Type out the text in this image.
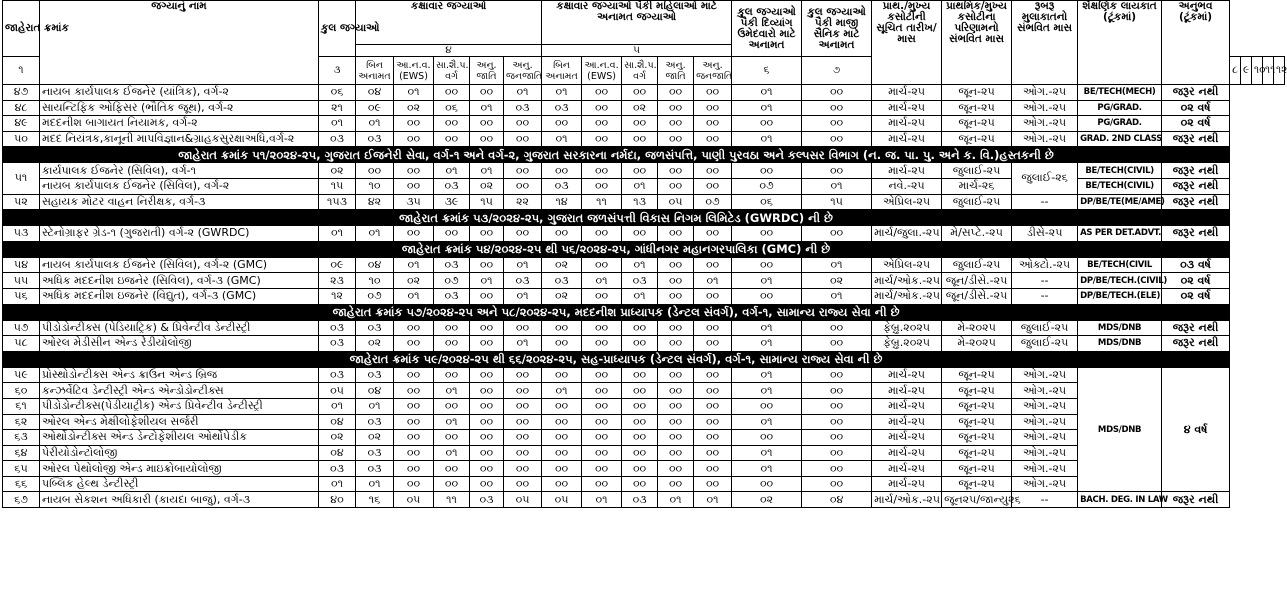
જાહેરાત ક્રમાંક	જગ્યાનું નામ	કુલ જગ્યાઓ	કક્ષાવાર જગ્યાઓ					કક્ષાવાર જગ્યાઓ પૈકી મહિલાઓ માટે અનામત જગ્યાઓ					કુલ જગ્યાઓ પૈકી દિવ્યાંગ ઉમેદવારો માટે અનામત	કુલ જગ્યાઓ પૈકી માજી સૈનિક માટે અનામત	પ્રાથ./મુખ્ય કસોટીની સૂચિત તારીખ/માસ	પ્રાથમિક/મુખ્ય કસોટીના પરિણામનો સંભવિત માસ	રૂબરૂ મુલાકાતનો સંભવિત માસ	શૈક્ષણિક લાયકાત (ટૂંકમાં)	અનુભવ (ટૂંકમાં)					
			૪					૫																
૧		૩	બિન અનામત	આ.ન.વ. (EWS)	સા.શૈ.પ. વર્ગ	અનુ. જાતિ	અનુ. જનજાતિ	બિન અનામત	આ.ન.વ. (EWS)	સા.શૈ.પ. વર્ગ	અનુ. જાતિ	અનુ. જનજાતિ	૬	૭						૮	૯	૧૦	૧૧	૧૨
૪૭	નાયબ કાર્યપાલક ઈજનેર (યાંત્રિક), વર્ગ-૨	૦૬	૦૪	૦૧	૦૦	૦૦	૦૧	૦૧	૦૦	૦૦	૦૦	૦૦	૦૧	૦૦	માર્ચ-૨૫	જૂન-૨૫	ઓગ.-૨૫	BE/TECH(MECH)	જરૂર નથી					
૪૮	સાયન્ટિફિક ઓફિસર (ભૌતિક જૂથ), વર્ગ-૨	૨૧	૦૯	૦૨	૦૬	૦૧	૦૩	૦૩	૦૦	૦૨	૦૦	૦૦	૦૧	૦૦	માર્ચ-૨૫	જૂન-૨૫	ઓગ.-૨૫	PG/GRAD.	૦૨ વર્ષ					
૪૯	મદદનીશ બાગાયત નિયામક, વર્ગ-૨	૦૧	૦૧	૦૦	૦૦	૦૦	૦૦	૦૦	૦૦	૦૦	૦૦	૦૦	૦૦	૦૦	માર્ચ-૨૫	જૂન-૨૫	ઓગ.-૨૫	PG/GRAD.	૦૨ વર્ષ					
૫૦	મદદ નિયંત્રક,કાનૂની માપવિજ્ઞાન&ગ્રાહકસુરક્ષાઅધિ,વર્ગ-૨	૦૩	૦૩	૦૦	૦૦	૦૦	૦૦	૦૧	૦૦	૦૦	૦૦	૦૦	૦૧	૦૦	માર્ચ-૨૫	જૂન-૨૫	ઓગ.-૨૫	GRAD. 2ND CLASS	જરૂર નથી					
જાહેરાત ક્રમાંક ૫૧/૨૦૨૪-૨૫, ગુજરાત ઈજનેરી સેવા, વર્ગ-૧ અને વર્ગ-૨, ગુજરાત સરકારના નર્મદા, જળસંપત્તિ, પાણી પુરવઠા અને કલ્પસર વિભાગ (ન. જ. પા. પુ. અને ક. વિ.)હસ્તકની છે																								
૫૧	કાર્યપાલક ઈજનેર (સિવિલ), વર્ગ-૧	૦૨	૦૦	૦૦	૦૧	૦૧	૦૦	૦૦	૦૦	૦૦	૦૦	૦૦	૦૦	૦૦	માર્ચ-૨૫	જુલાઈ-૨૫	જુલાઈ-૨૬	BE/TECH(CIVIL)	જરૂર નથી					
	નાયબ કાર્યપાલક ઈજનેર (સિવિલ), વર્ગ-૨	૧૫	૧૦	૦૦	૦૩	૦૨	૦૦	૦૩	૦૦	૦૧	૦૦	૦૦	૦૭	૦૧	નવે.-૨૫	માર્ચ-૨૬		BE/TECH(CIVIL)	જરૂર નથી					
૫૨	સહાયક મોટર વાહન નિરીક્ષક, વર્ગ-૩	૧૫૩	૪૨	૩૫	૩૯	૧૫	૨૨	૧૪	૧૧	૧૩	૦૫	૦૭	૦૬	૧૫	એપ્રિલ-૨૫	જુલાઈ-૨૫	--	DP/BE/TE(ME/AME)	જરૂર નથી					
જાહેરાત ક્રમાંક ૫૩/૨૦૨૪-૨૫, ગુજરાત જળસંપત્તી વિકાસ નિગમ લિમિટેડ (GWRDC) ની છે																								
૫૩	સ્ટેનોગ્રાફર ગ્રેડ-૧ (ગુજરાતી) વર્ગ-૨ (GWRDC)	૦૧	૦૧	૦૦	૦૦	૦૦	૦૦	૦૦	૦૦	૦૦	૦૦	૦૦	૦૦	૦૦	માર્ચ/જુલા.-૨૫	મે/સપ્ટે.-૨૫	ડીસે-૨૫	AS PER DET.ADVT.	જરૂર નથી					
જાહેરાત ક્રમાંક ૫૪/૨૦૨૪-૨૫ થી ૫૬/૨૦૨૪-૨૫, ગાંધીનગર મહાનગરપાલિકા (GMC) ની છે																								
૫૪	નાયબ કાર્યપાલક ઈજનેર (સિવિલ), વર્ગ-૨ (GMC)	૦૯	૦૪	૦૧	૦૩	૦૦	૦૧	૦૨	૦૦	૦૧	૦૦	૦૦	૦૦	૦૧	એપ્રિલ-૨૫	જુલાઈ-૨૫	ઓક્ટો.-૨૫	BE/TECH(CIVIL	૦૩ વર્ષ					
૫૫	અધિક મદદનીશ ઇજનેર (સિવિલ), વર્ગ-૩ (GMC)	૨૩	૧૦	૦૨	૦૭	૦૧	૦૩	૦૩	૦૧	૦૩	૦૦	૦૧	૦૧	૦૨	માર્ચ/ઓક.-૨૫	જૂન/ડીસે.-૨૫	--	DP/BE/TECH.(CIVIL)	૦૨ વર્ષ					
૫૬	અધિક મદદનીશ ઇજનેર (વિદ્યુત), વર્ગ-૩ (GMC)	૧૨	૦૭	૦૧	૦૩	૦૦	૦૧	૦૨	૦૦	૦૧	૦૦	૦૦	૦૦	૦૧	માર્ચ/ઓક.-૨૫	જૂન/ડીસે.-૨૫	--	DP/BE/TECH.(ELE)	૦૨ વર્ષ					
જાહેરાત ક્રમાંક ૫૭/૨૦૨૪-૨૫ અને ૫૮/૨૦૨૪-૨૫, મદદનીશ પ્રાધ્યાપક (ડેન્ટલ સંવર્ગ), વર્ગ-૧, સામાન્ય રાજ્ય સેવા ની છે																								
૫૭	પીડોડોન્ટીક્સ (પેડિયાટ્રિક) & પ્રિવેન્ટીવ ડેન્ટીસ્ટ્રી	૦૩	૦૩	૦૦	૦૦	૦૦	૦૦	૦૦	૦૦	૦૦	૦૦	૦૦	૦૧	૦૦	ફેબ્રુ.૨૦૨૫	મે-૨૦૨૫	જુલાઈ-૨૫	MDS/DNB	જરૂર નથી					
૫૮	ઓરલ મેડીસીન એન્ડ રેડીયોલોજી	૦૩	૦૨	૦૦	૦૦	૦૦	૦૧	૦૦	૦૦	૦૦	૦૦	૦૦	૦૧	૦૦	ફેબ્રુ.૨૦૨૫	મે-૨૦૨૫	જુલાઈ-૨૫	MDS/DNB	જરૂર નથી					
જાહેરાત ક્રમાંક ૫૯/૨૦૨૪-૨૫ થી ૬૬/૨૦૨૪-૨૫, સહ-પ્રાધ્યાપક (ડેન્ટલ સંવર્ગ), વર્ગ-૧, સામાન્ય રાજ્ય સેવા ની છે																								
૫૯	પ્રોસ્થોડોન્ટીક્સ એન્ડ ક્રાઉન એન્ડ બ્રિજ	૦૩	૦૩	૦૦	૦૦	૦૦	૦૦	૦૦	૦૦	૦૦	૦૦	૦૦	૦૧	૦૦	માર્ચ-૨૫	જૂન-૨૫	ઓગ.-૨૫	MDS/DNB	૪ વર્ષ					
૬૦	કન્ઝર્વેટિવ ડેન્ટીસ્ટ્રી એન્ડ એન્ડોડોન્ટીક્સ	૦૫	૦૪	૦૦	૦૧	૦૦	૦૦	૦૧	૦૦	૦૦	૦૦	૦૦	૦૧	૦૦	માર્ચ-૨૫	જૂન-૨૫	ઓગ.-૨૫							
૬૧	પીડોડોન્ટીક્સ(પેડીયાટ્રીક) એન્ડ પ્રિવેન્ટીવ ડેન્ટીસ્ટ્રી	૦૧	૦૧	૦૦	૦૦	૦૦	૦૦	૦૦	૦૦	૦૦	૦૦	૦૦	૦૦	૦૦	માર્ચ-૨૫	જૂન-૨૫	ઓગ.-૨૫							
૬૨	ઓરલ એન્ડ મેક્ષીલોફેશીયલ સર્જરી	૦૪	૦૩	૦૦	૦૧	૦૦	૦૦	૦૦	૦૦	૦૦	૦૦	૦૦	૦૧	૦૦	માર્ચ-૨૫	જૂન-૨૫	ઓગ.-૨૫							
૬૩	ઓર્થોડોન્ટીક્સ એન્ડ ડેન્ટોફેશીયલ ઓર્થોપેડીક	૦૨	૦૨	૦૦	૦૦	૦૦	૦૦	૦૦	૦૦	૦૦	૦૦	૦૦	૦૦	૦૦	માર્ચ-૨૫	જૂન-૨૫	ઓગ.-૨૫							
૬૪	પેરીયોડોન્ટોલોજી	૦૪	૦૩	૦૦	૦૧	૦૦	૦૦	૦૦	૦૦	૦૦	૦૦	૦૦	૦૧	૦૦	માર્ચ-૨૫	જૂન-૨૫	ઓગ.-૨૫							
૬૫	ઓરલ પેથોલોજી એન્ડ માઇક્રોબાયોલોજી	૦૩	૦૩	૦૦	૦૦	૦૦	૦૦	૦૦	૦૦	૦૦	૦૦	૦૦	૦૧	૦૦	માર્ચ-૨૫	જૂન-૨૫	ઓગ.-૨૫							
૬૬	પબ્લિક હેલ્થ ડેન્ટીસ્ટ્રી	૦૧	૦૧	૦૦	૦૦	૦૦	૦૦	૦૦	૦૦	૦૦	૦૦	૦૦	૦૦	૦૦	માર્ચ-૨૫	જૂન-૨૫	ઓગ.-૨૫							
૬૭	નાયબ સેકશન અધિકારી (કાયદા બાજુ), વર્ગ-૩	૪૦	૧૬	૦૫	૧૧	૦૩	૦૫	૦૫	૦૧	૦૩	૦૧	૦૧	૦૨	૦૪	માર્ચ/ઓક.-૨૫	જૂન૨૫/જાન્યુ૨૬	--	BACH. DEG. IN LAW	જરૂર નથી					
